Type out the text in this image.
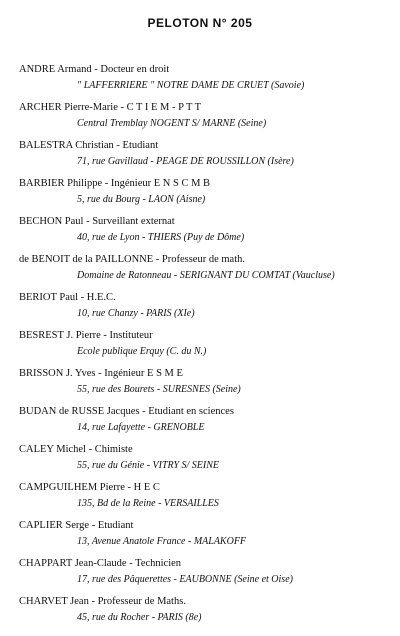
PELOTON N° 205
ANDRE Armand - Docteur en droit
" LAFFERRIERE " NOTRE DAME DE CRUET (Savoie)
ARCHER Pierre-Marie - C T I E M - P T T
Central Tremblay NOGENT S/ MARNE (Seine)
BALESTRA Christian - Etudiant
71, rue Gavillaud - PEAGE DE ROUSSILLON (Isère)
BARBIER Philippe - Ingénieur E N S C M B
5, rue du Bourg - LAON (Aisne)
BECHON Paul - Surveillant externat
40, rue de Lyon - THIERS (Puy de Dôme)
de BENOIT de la PAILLONNE - Professeur de math.
Domaine de Ratonneau - SERIGNANT DU COMTAT (Vaucluse)
BERIOT Paul - H.E.C.
10, rue Chanzy - PARIS (XIe)
BESREST J. Pierre - Instituteur
Ecole publique Erquy (C. du N.)
BRISSON J. Yves - Ingénieur E S M E
55, rue des Bourets - SURESNES (Seine)
BUDAN de RUSSE Jacques - Etudiant en sciences
14, rue Lafayette - GRENOBLE
CALEY Michel - Chimiste
55, rue du Génie - VITRY S/ SEINE
CAMPGUILHEM Pierre - H E C
135, Bd de la Reine - VERSAILLES
CAPLIER Serge - Etudiant
13, Avenue Anatole France - MALAKOFF
CHAPPART Jean-Claude - Technicien
17, rue des Pâquerettes - EAUBONNE (Seine et Oise)
CHARVET Jean - Professeur de Maths.
45, rue du Rocher - PARIS (8e)
